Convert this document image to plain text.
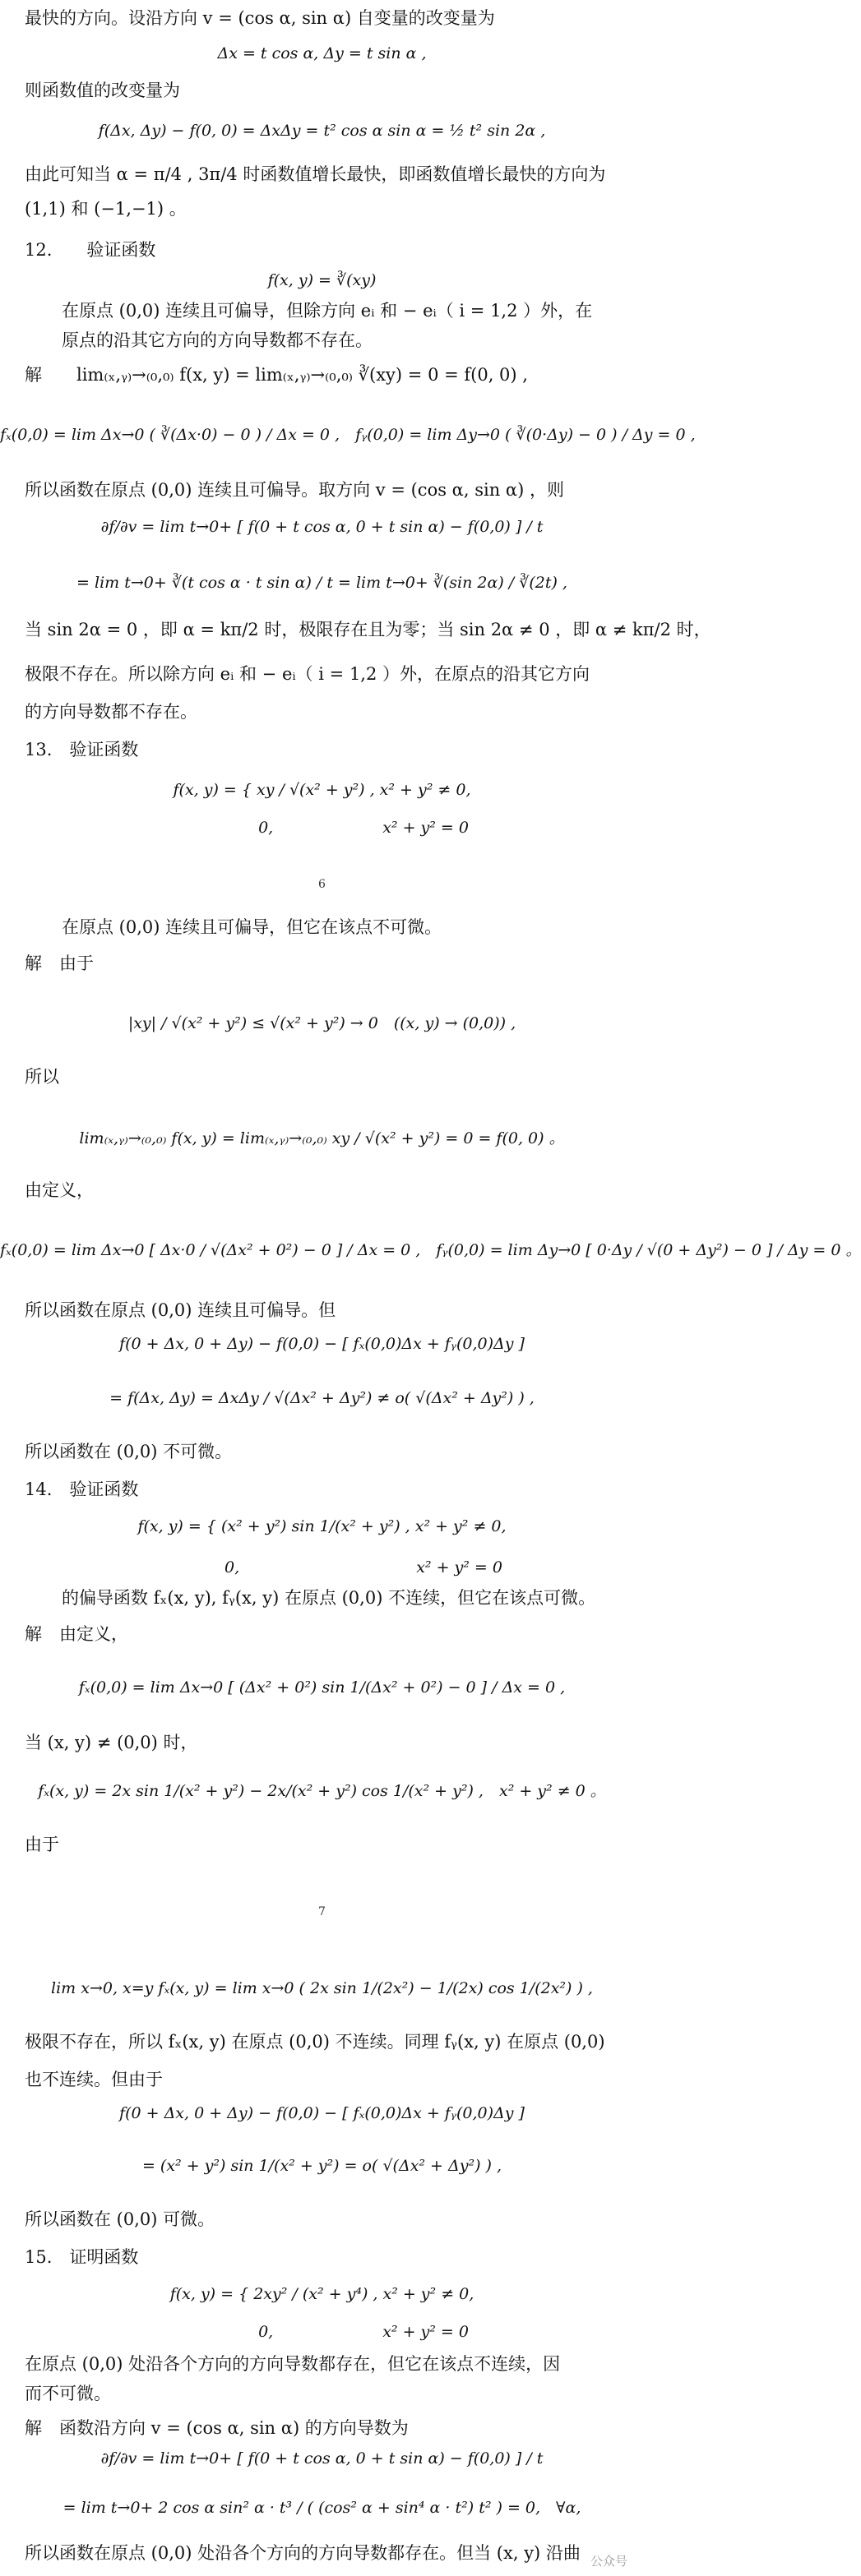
最快的方向。设沿方向 v = (cos α, sin α) 自变量的改变量为
Δx = t cos α, Δy = t sin α ,
则函数值的改变量为
f(Δx, Δy) − f(0, 0) = ΔxΔy = t² cos α sin α = ½ t² sin 2α ,
由此可知当 α = π/4 , 3π/4 时函数值增长最快，即函数值增长最快的方向为
(1,1) 和 (−1,−1) 。
12.　　验证函数
f(x, y) = ∛(xy)
在原点 (0,0) 连续且可偏导，但除方向 eᵢ 和 − eᵢ（ i = 1,2 ）外，在
原点的沿其它方向的方向导数都不存在。
解　　lim₍ₓ,ᵧ₎→₍₀,₀₎ f(x, y) = lim₍ₓ,ᵧ₎→₍₀,₀₎ ∛(xy) = 0 = f(0, 0) ,
fₓ(0,0) = lim Δx→0 ( ∛(Δx·0) − 0 ) / Δx = 0 ,　fᵧ(0,0) = lim Δy→0 ( ∛(0·Δy) − 0 ) / Δy = 0 ,
所以函数在原点 (0,0) 连续且可偏导。取方向 v = (cos α, sin α) ，则
∂f/∂v = lim t→0+ [ f(0 + t cos α, 0 + t sin α) − f(0,0) ] / t
= lim t→0+ ∛(t cos α · t sin α) / t = lim t→0+ ∛(sin 2α) / ∛(2t) ,
当 sin 2α = 0 ，即 α = kπ/2 时，极限存在且为零；当 sin 2α ≠ 0 ，即 α ≠ kπ/2 时，
极限不存在。所以除方向 eᵢ 和 − eᵢ（ i = 1,2 ）外，在原点的沿其它方向
的方向导数都不存在。
13.　验证函数
f(x, y) = { xy / √(x² + y²) , x² + y² ≠ 0,
　　　　　 0,　　　　　　　x² + y² = 0
在原点 (0,0) 连续且可偏导，但它在该点不可微。
解　由于
|xy| / √(x² + y²) ≤ √(x² + y²) → 0　((x, y) → (0,0)) ,
所以
lim₍ₓ,ᵧ₎→₍₀,₀₎ f(x, y) = lim₍ₓ,ᵧ₎→₍₀,₀₎ xy / √(x² + y²) = 0 = f(0, 0) 。
由定义，
fₓ(0,0) = lim Δx→0 [ Δx·0 / √(Δx² + 0²) − 0 ] / Δx = 0 ,　fᵧ(0,0) = lim Δy→0 [ 0·Δy / √(0 + Δy²) − 0 ] / Δy = 0 。
所以函数在原点 (0,0) 连续且可偏导。但
f(0 + Δx, 0 + Δy) − f(0,0) − [ fₓ(0,0)Δx + fᵧ(0,0)Δy ]
= f(Δx, Δy) = ΔxΔy / √(Δx² + Δy²) ≠ o( √(Δx² + Δy²) ) ,
所以函数在 (0,0) 不可微。
14.　验证函数
f(x, y) = { (x² + y²) sin 1/(x² + y²) , x² + y² ≠ 0,
　　　　　 0,　　　　　　　　　　　 x² + y² = 0
的偏导函数 fₓ(x, y), fᵧ(x, y) 在原点 (0,0) 不连续，但它在该点可微。
解　由定义，
fₓ(0,0) = lim Δx→0 [ (Δx² + 0²) sin 1/(Δx² + 0²) − 0 ] / Δx = 0 ,
当 (x, y) ≠ (0,0) 时，
fₓ(x, y) = 2x sin 1/(x² + y²) − 2x/(x² + y²) cos 1/(x² + y²) ,　x² + y² ≠ 0 。
由于
lim x→0, x=y fₓ(x, y) = lim x→0 ( 2x sin 1/(2x²) − 1/(2x) cos 1/(2x²) ) ,
极限不存在，所以 fₓ(x, y) 在原点 (0,0) 不连续。同理 fᵧ(x, y) 在原点 (0,0)
也不连续。但由于
f(0 + Δx, 0 + Δy) − f(0,0) − [ fₓ(0,0)Δx + fᵧ(0,0)Δy ]
= (x² + y²) sin 1/(x² + y²) = o( √(Δx² + Δy²) ) ,
所以函数在 (0,0) 可微。
15.　证明函数
f(x, y) = { 2xy² / (x² + y⁴) , x² + y² ≠ 0,
　　　　　 0,　　　　　　　x² + y² = 0
在原点 (0,0) 处沿各个方向的方向导数都存在，但它在该点不连续，因
而不可微。
解　函数沿方向 v = (cos α, sin α) 的方向导数为
∂f/∂v = lim t→0+ [ f(0 + t cos α, 0 + t sin α) − f(0,0) ] / t
= lim t→0+ 2 cos α sin² α · t³ / ( (cos² α + sin⁴ α · t²) t² ) = 0,　∀α,
所以函数在原点 (0,0) 处沿各个方向的方向导数都存在。但当 (x, y) 沿曲
6
7
公众号
